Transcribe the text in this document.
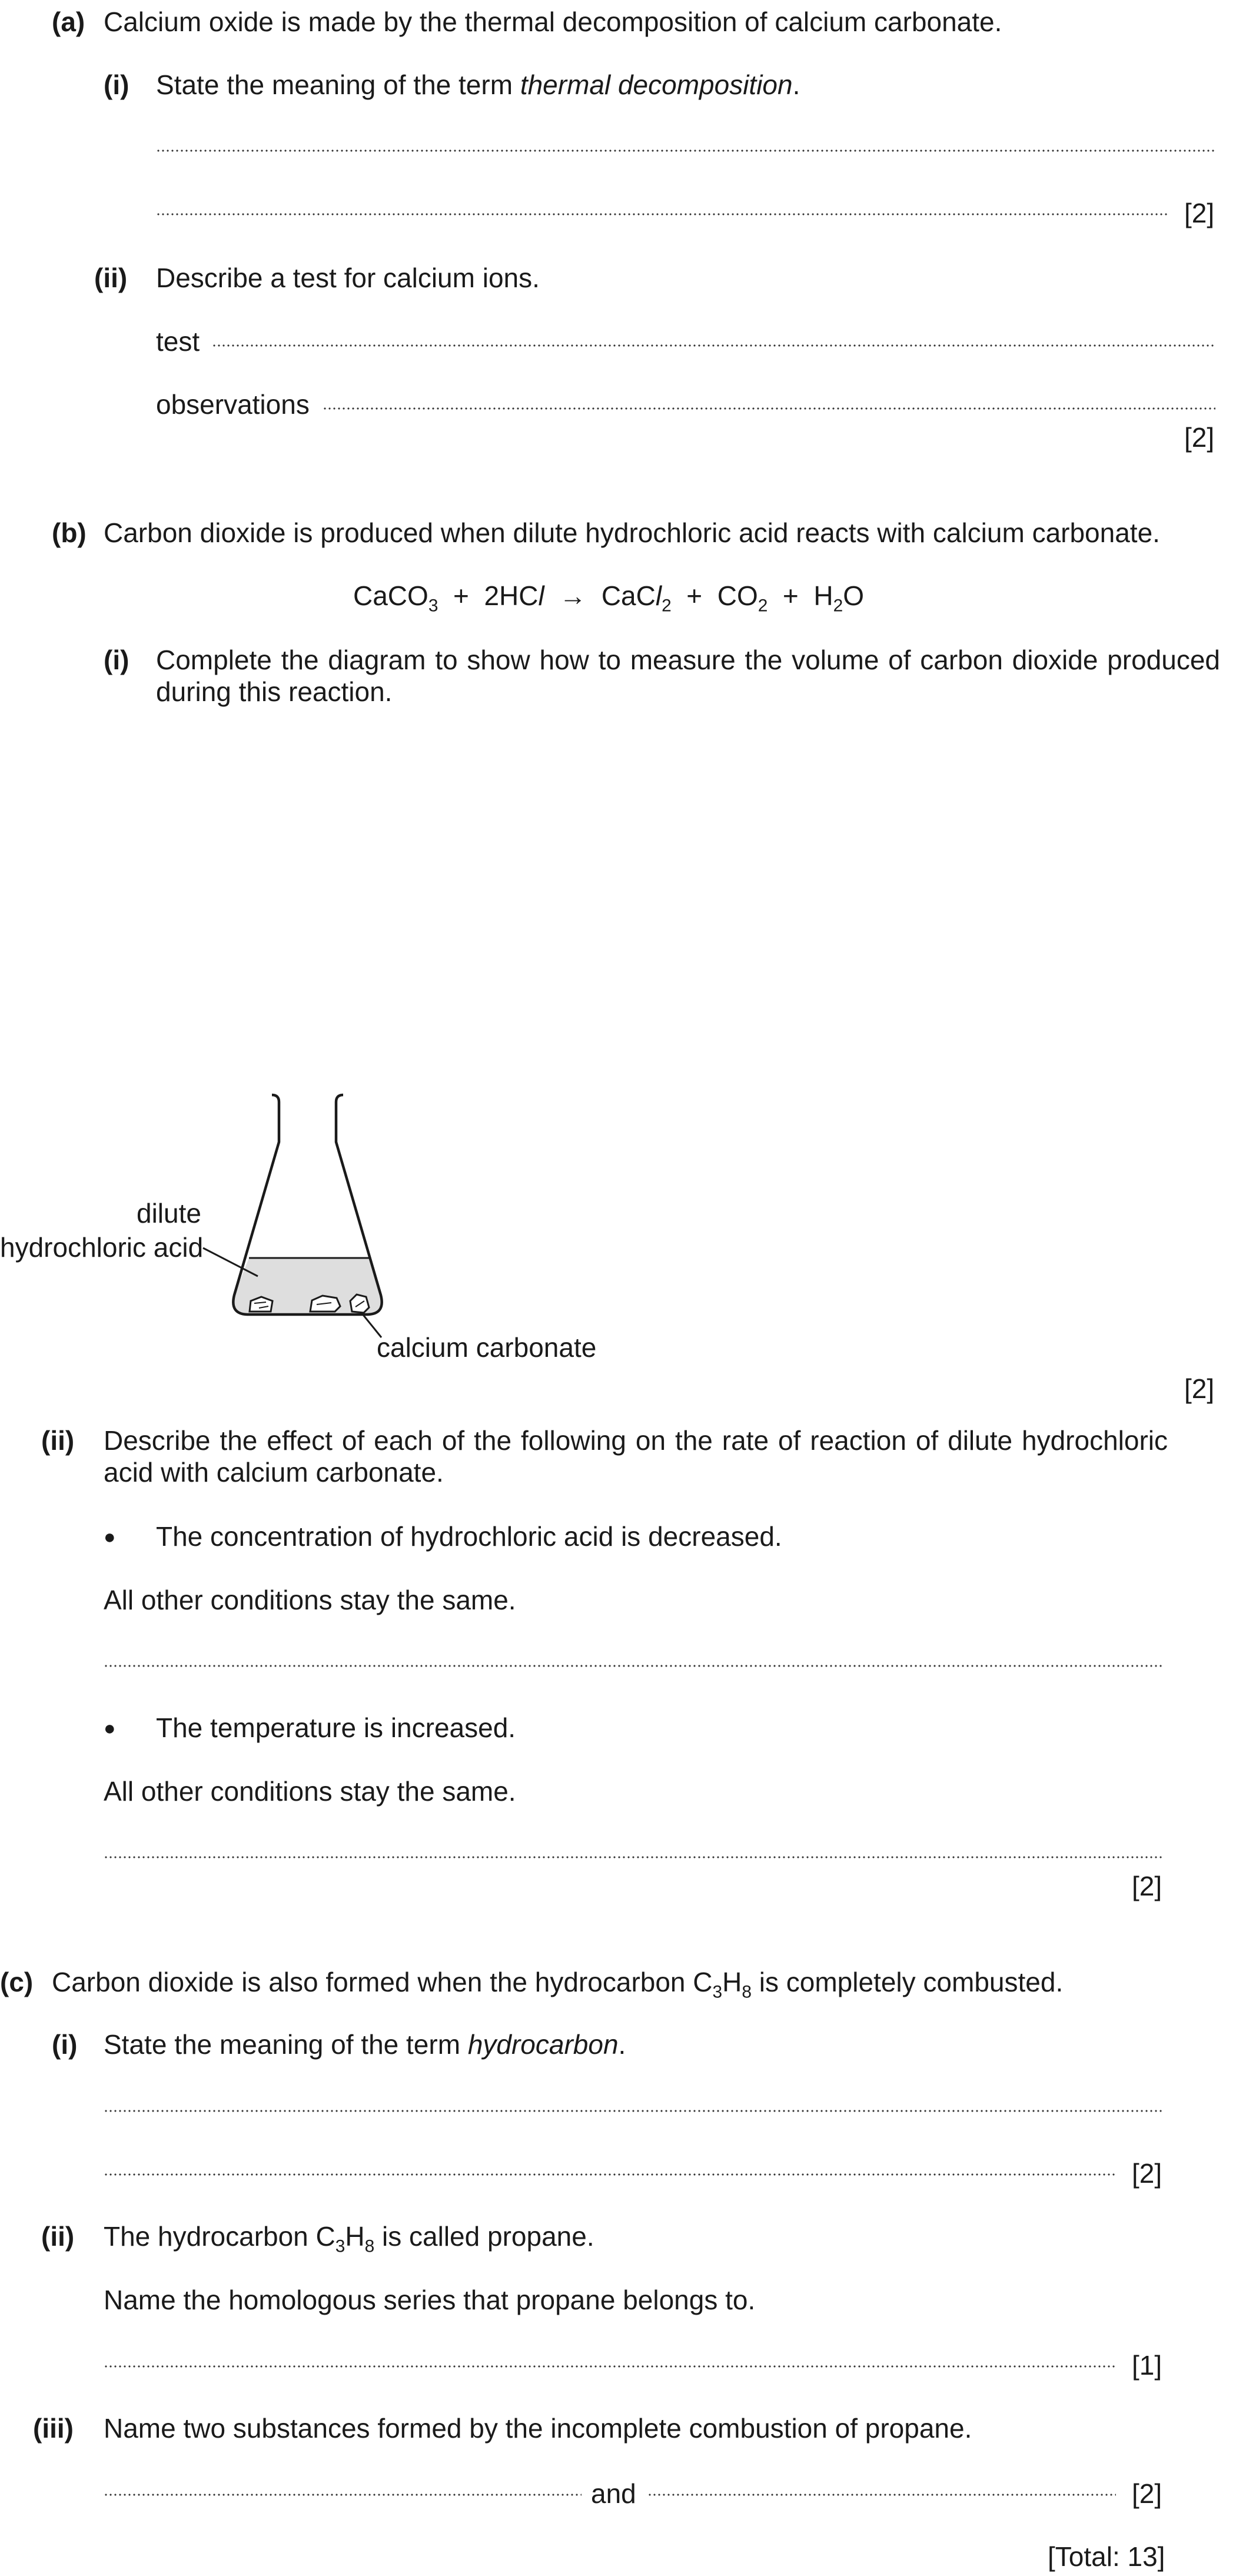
(a) Calcium oxide is made by the thermal decomposition of calcium carbonate.
(i) State the meaning of the term thermal decomposition.
[2]
(ii) Describe a test for calcium ions.
test
observations
[2]
(b) Carbon dioxide is produced when dilute hydrochloric acid reacts with calcium carbonate.
CaCO$_3$ + 2HCl → CaCl$_2$ + $CO_2 + H_2O$
(i) Complete the diagram to show how to measure the volume of carbon dioxide produced during this reaction.
dilute
hydrochloric acid
calcium carbonate
[2]
(ii) Describe the effect of each of the following on the rate of reaction of dilute hydrochloric acid with calcium carbonate.
● The concentration of hydrochloric acid is decreased.
All other conditions stay the same.
● The temperature is increased.
All other conditions stay the same.
[2]
(c) Carbon dioxide is also formed when the hydrocarbon $C_3H_8$ is completely combusted.
(i) State the meaning of the term hydrocarbon.
[2]
(ii) The hydrocarbon $C_3H_8$ is called propane.
Name the homologous series that propane belongs to.
[1]
(iii) Name two substances formed by the incomplete combustion of propane.
and	[2]
[Total: 13]
